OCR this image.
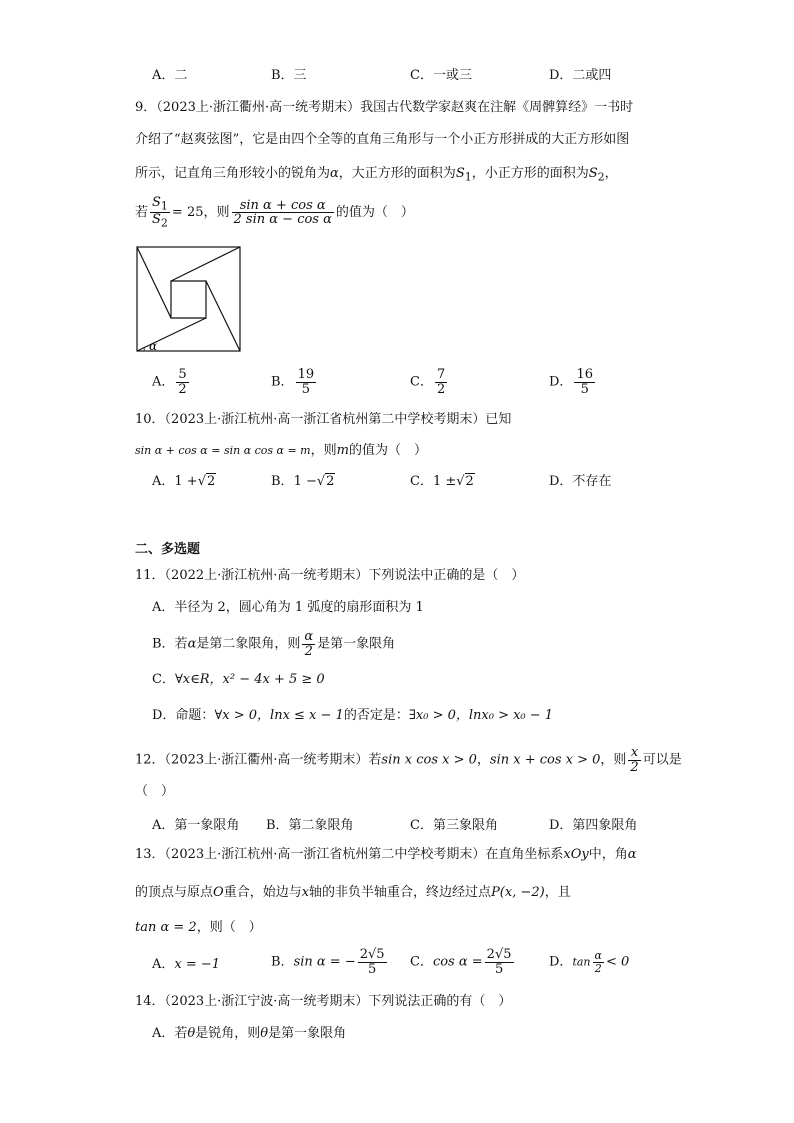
A．二	B．三	C．一或三	D．二或四
9．（2023上·浙江衢州·高一统考期末）我国古代数学家赵爽在注解《周髀算经》一书时
介绍了“赵爽弦图”，它是由四个全等的直角三角形与一个小正方形拼成的大正方形如图
所示，记直角三角形较小的锐角为α，大正方形的面积为$S_1$，小正方形的面积为$S_2$，
若 $\frac{S_1}{S_2} = 25$，则 $\frac{\text{sin α + cos α}}{\text{2 sin α − cos α}}$ 的值为（　）
α
A． $\frac{5}{2}$	B． $\frac{19}{5}$	C． $\frac{7}{2}$	D． $\frac{16}{5}$
10．（2023上·浙江杭州·高一浙江省杭州第二中学校考期末）已知
sin α + cos α = sin α cos α = m，则m的值为（　）
A．1 +√2	B．1 −√2	C．1 ±√2	D．不存在
二、多选题
11．（2022上·浙江杭州·高一统考期末）下列说法中正确的是（　）
A．半径为 2，圆心角为 1 弧度的扇形面积为 1
B．若α是第二象限角，则 $\frac{\alpha}{2}$ 是第一象限角
C．∀x∈R，x² − 4x + 5 ≥ 0
D．命题：∀x > 0，lnx ≤ x − 1的否定是：∃x₀ > 0，lnx₀ > x₀ − 1
12．（2023上·浙江衢州·高一统考期末）若sin x cos x > 0，sin x + cos x > 0，则 $\frac{x}{2}$ 可以是
（　）
A．第一象限角 B．第二象限角	C．第三象限角	D．第四象限角
13．（2023上·浙江杭州·高一浙江省杭州第二中学校考期末）在直角坐标系xOy中，角α
的顶点与原点O重合，始边与x轴的非负半轴重合，终边经过点P(x, −2)，且
tan α = 2，则（　）
A．x = −1	B．sin α = − $\frac{2√5}{5}$ C．$\cos \alpha = \frac{2√5}{5}$	D．$\tan \frac{\alpha}{2} < 0$
14．（2023上·浙江宁波·高一统考期末）下列说法正确的有（　）
A．若θ是锐角，则θ是第一象限角
